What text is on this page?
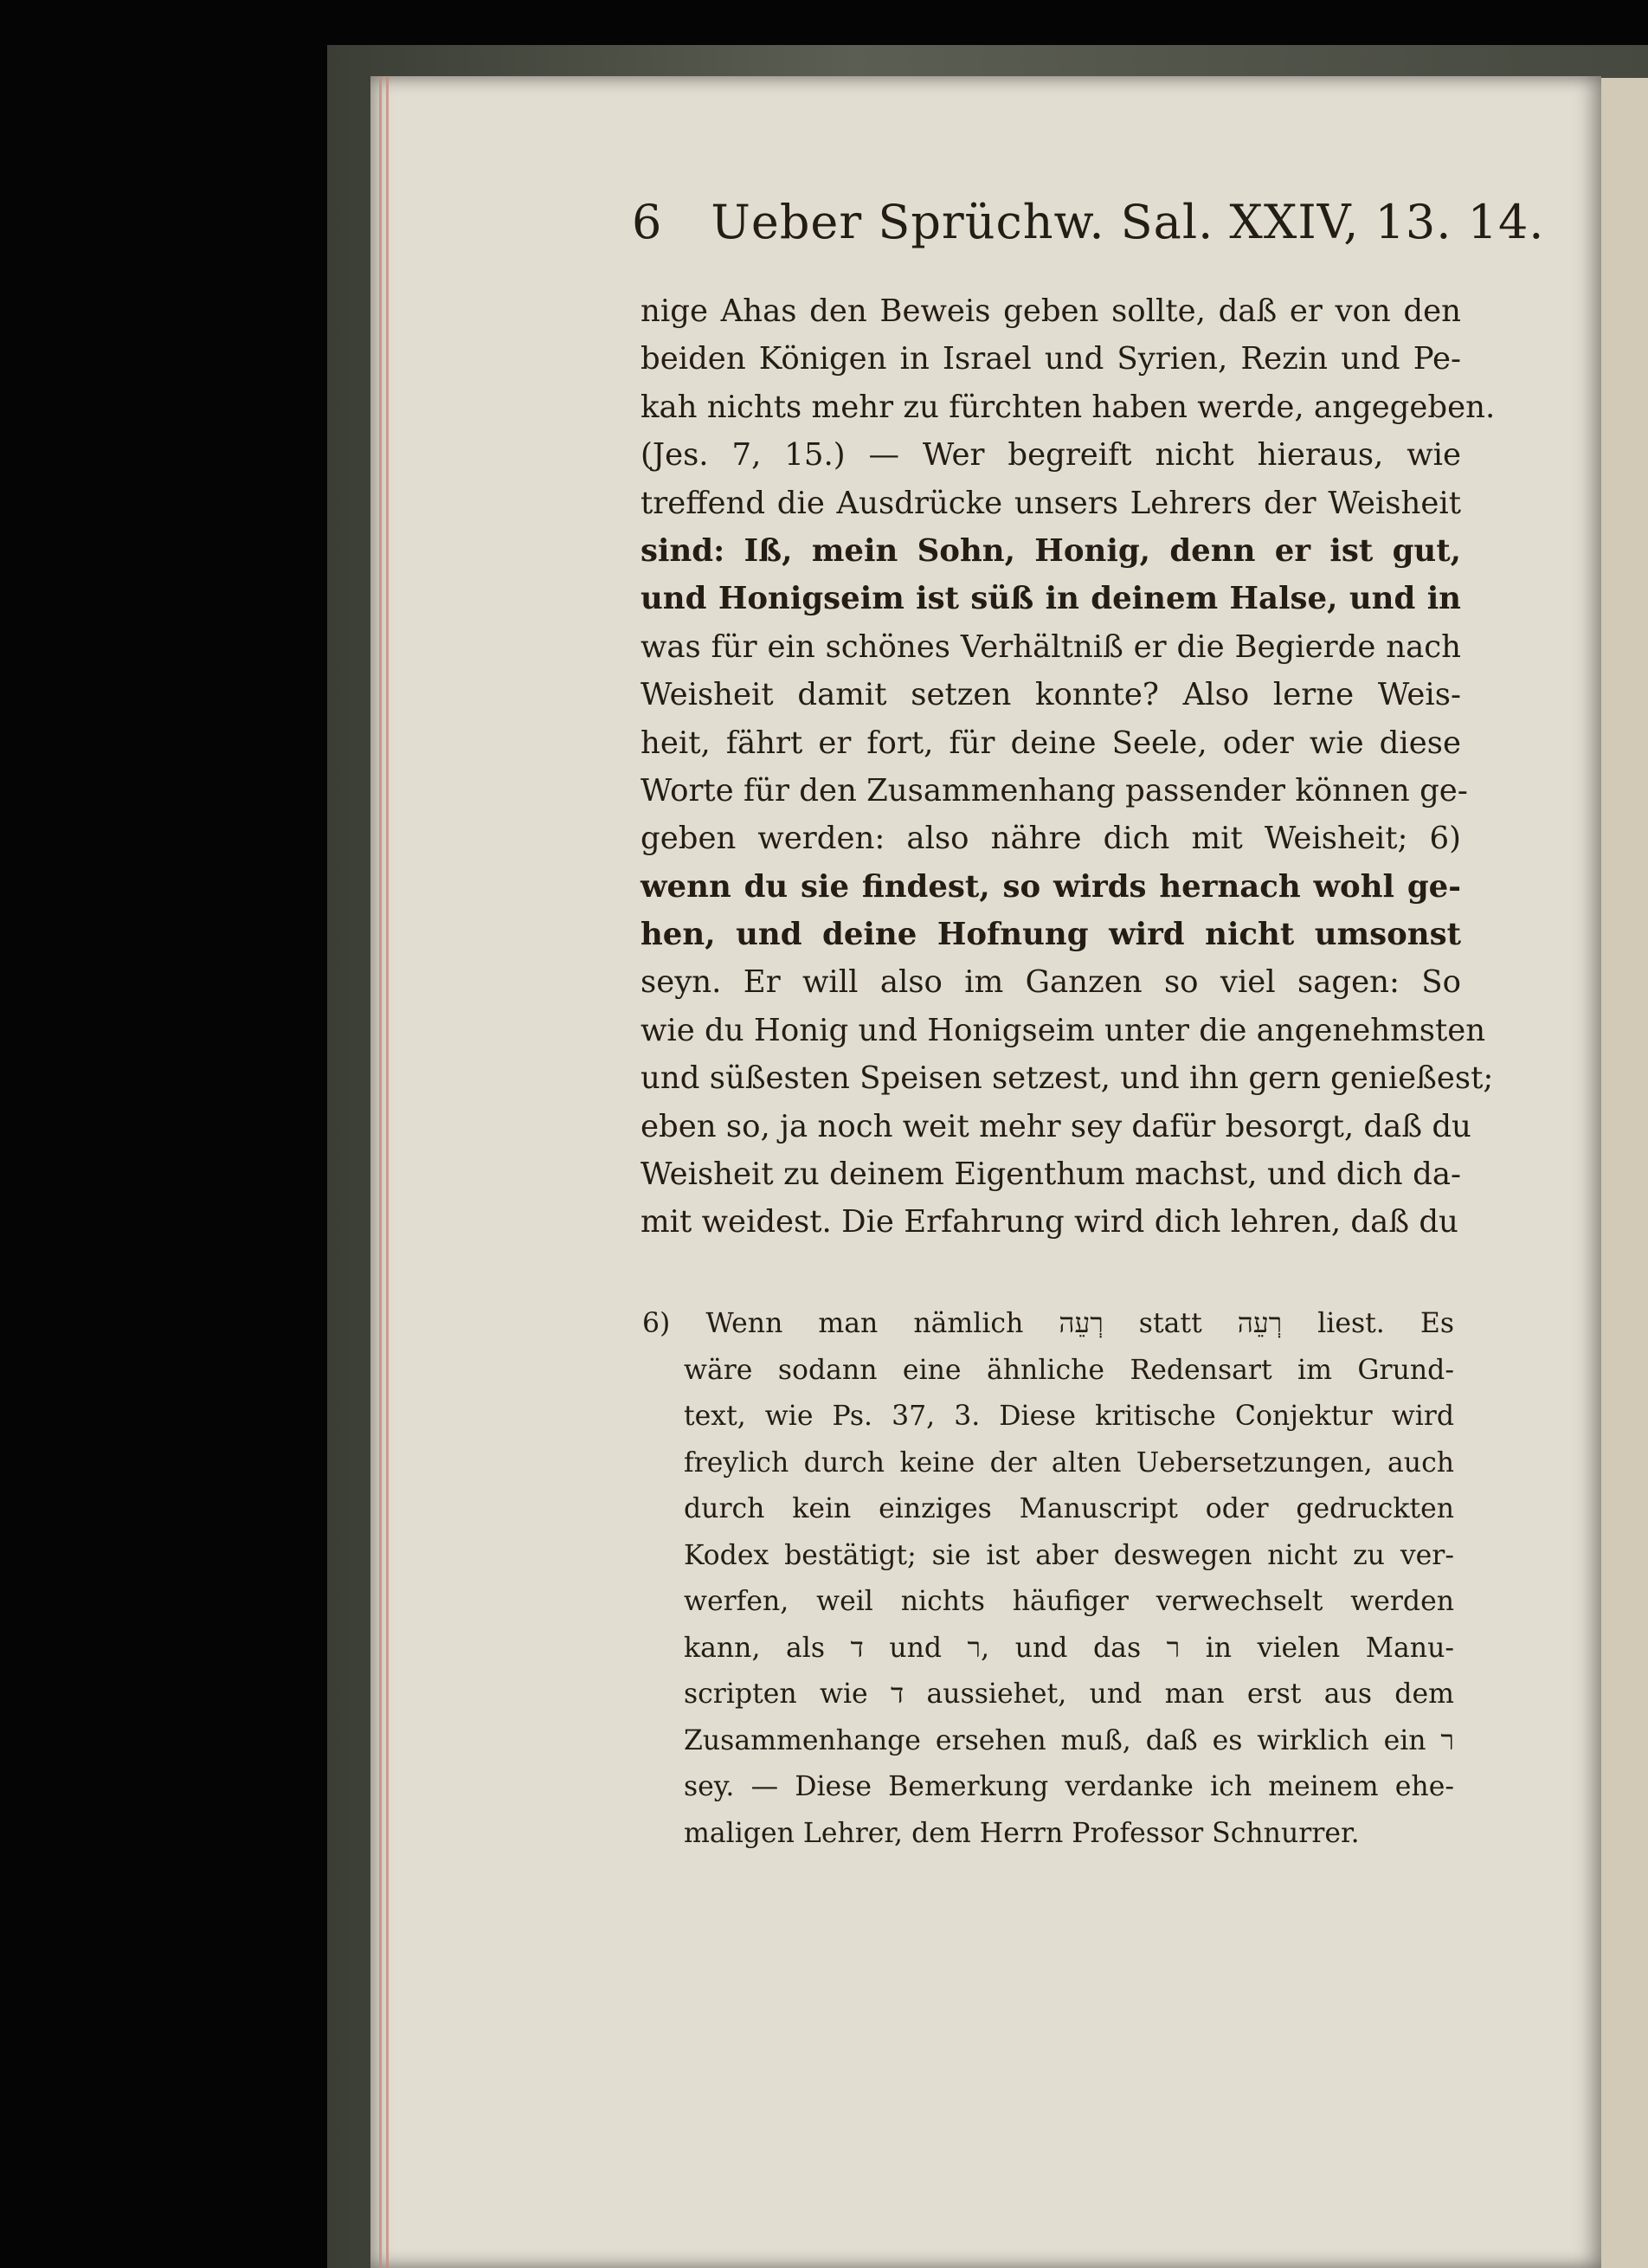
6 Ueber Sprüchw. Sal. XXIV, 13. 14.
nige Ahas den Beweis geben sollte, daß er von den
beiden Königen in Israel und Syrien, Rezin und Pe-
kah nichts mehr zu fürchten haben werde, angegeben.
(Jes. 7, 15.) — Wer begreift nicht hieraus, wie
treffend die Ausdrücke unsers Lehrers der Weisheit
sind: Iß, mein Sohn, Honig, denn er ist gut,
und Honigseim ist süß in deinem Halse, und in
was für ein schönes Verhältniß er die Begierde nach
Weisheit damit setzen konnte? Also lerne Weis-
heit, fährt er fort, für deine Seele, oder wie diese
Worte für den Zusammenhang passender können ge-
geben werden: also nähre dich mit Weisheit; 6)
wenn du sie findest, so wirds hernach wohl ge-
hen, und deine Hofnung wird nicht umsonst
seyn. Er will also im Ganzen so viel sagen: So
wie du Honig und Honigseim unter die angenehmsten
und süßesten Speisen setzest, und ihn gern genießest;
eben so, ja noch weit mehr sey dafür besorgt, daß du
Weisheit zu deinem Eigenthum machst, und dich da-
mit weidest. Die Erfahrung wird dich lehren, daß du
6) Wenn man nämlich רְעֵה statt רְעֵה liest. Es
wäre sodann eine ähnliche Redensart im Grund-
text, wie Ps. 37, 3. Diese kritische Conjektur wird
freylich durch keine der alten Uebersetzungen, auch
durch kein einziges Manuscript oder gedruckten
Kodex bestätigt; sie ist aber deswegen nicht zu ver-
werfen, weil nichts häufiger verwechselt werden
kann, als ד und ר, und das ר in vielen Manu-
scripten wie ד aussiehet, und man erst aus dem
Zusammenhange ersehen muß, daß es wirklich ein ר
sey. — Diese Bemerkung verdanke ich meinem ehe-
maligen Lehrer, dem Herrn Professor Schnurrer.
